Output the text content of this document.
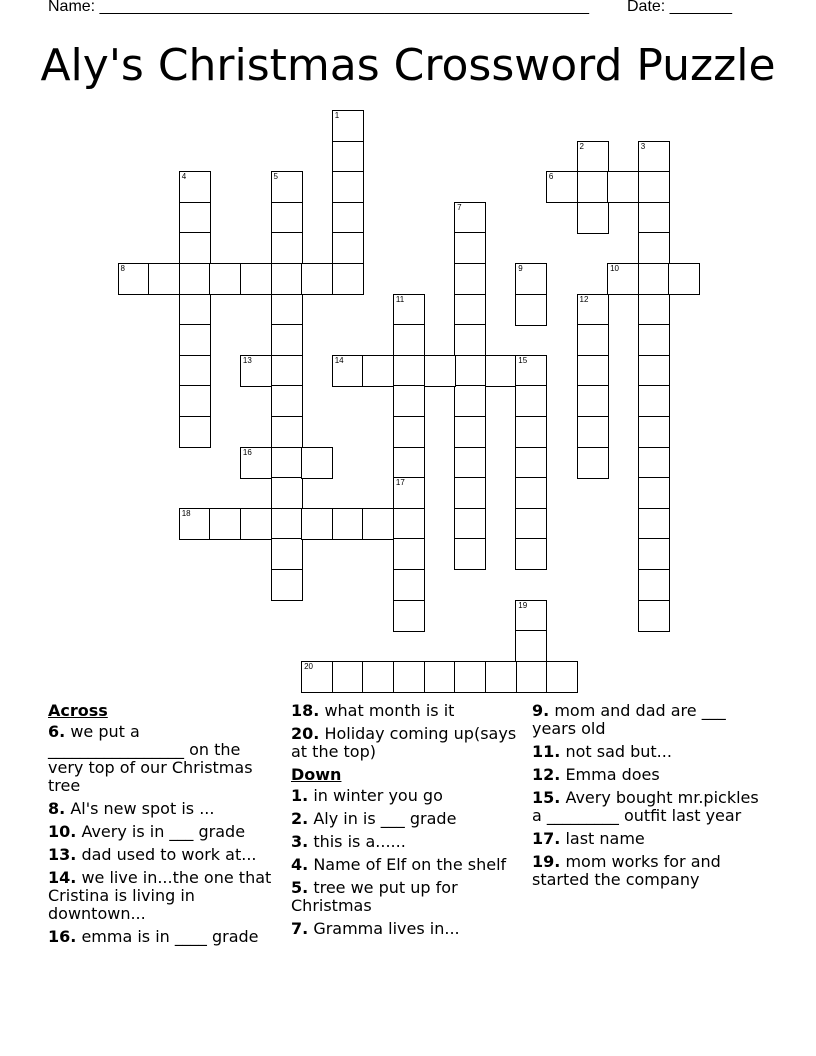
Name: _______________________________________________________ Date: _______
Aly's Christmas Crossword Puzzle
1
2	3
4	5	6
7
8	9	10
11	12
13	14	15
16
17
18
19
20
Across
6. we put a _________________ on the very top of our Christmas tree
8. Al's new spot is ...
10. Avery is in ___ grade
13. dad used to work at...
14. we live in...the one that Cristina is living in downtown...
16. emma is in ____ grade
18. what month is it
20. Holiday coming up(says at the top)
Down
1. in winter you go
2. Aly in is ___ grade
3. this is a......
4. Name of Elf on the shelf
5. tree we put up for Christmas
7. Gramma lives in...
9. mom and dad are ___ years old
11. not sad but...
12. Emma does
15. Avery bought mr.pickles a _________ outfit last year
17. last name
19. mom works for and started the company
